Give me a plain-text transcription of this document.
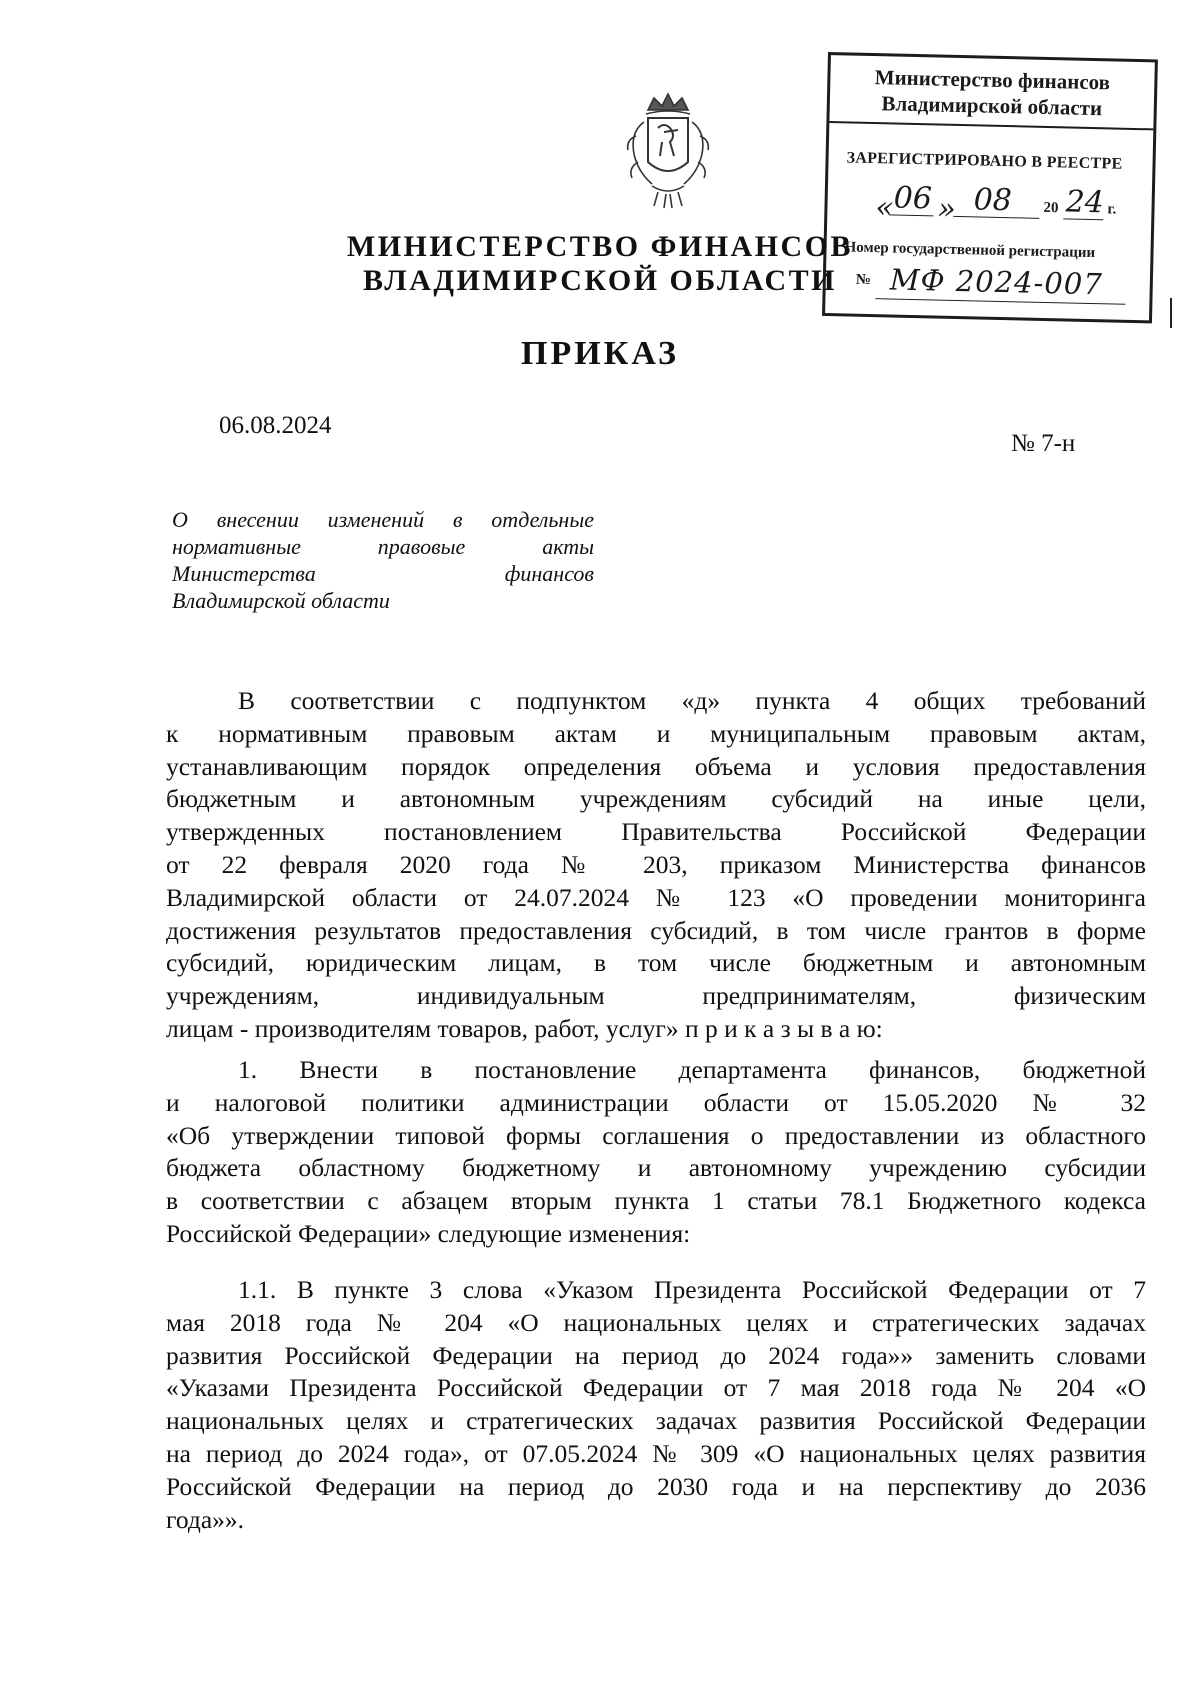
Министерство финансов
Владимирской области
ЗАРЕГИСТРИРОВАНО В РЕЕСТРЕ
« 06 » 08 20 24 г.
Номер государственной регистрации
№ МФ 2024-007
МИНИСТЕРСТВО ФИНАНСОВ
ВЛАДИМИРСКОЙ ОБЛАСТИ
ПРИКАЗ
06.08.2024
№ 7-н
О внесении изменений в отдельные
нормативные правовые акты
Министерства финансов
Владимирской области
В соответствии с подпунктом «д» пункта 4 общих требований
к нормативным правовым актам и муниципальным правовым актам,
устанавливающим порядок определения объема и условия предоставления
бюджетным и автономным учреждениям субсидий на иные цели,
утвержденных постановлением Правительства Российской Федерации
от 22 февраля 2020 года № 203, приказом Министерства финансов
Владимирской области от 24.07.2024 № 123 «О проведении мониторинга
достижения результатов предоставления субсидий, в том числе грантов в форме
субсидий, юридическим лицам, в том числе бюджетным и автономным
учреждениям, индивидуальным предпринимателям, физическим
лицам - производителям товаров, работ, услуг» п р и к а з ы в а ю:
1. Внести в постановление департамента финансов, бюджетной
и налоговой политики администрации области от 15.05.2020 № 32
«Об утверждении типовой формы соглашения о предоставлении из областного
бюджета областному бюджетному и автономному учреждению субсидии
в соответствии с абзацем вторым пункта 1 статьи 78.1 Бюджетного кодекса
Российской Федерации» следующие изменения:
1.1. В пункте 3 слова «Указом Президента Российской Федерации от 7
мая 2018 года № 204 «О национальных целях и стратегических задачах
развития Российской Федерации на период до 2024 года»» заменить словами
«Указами Президента Российской Федерации от 7 мая 2018 года № 204 «О
национальных целях и стратегических задачах развития Российской Федерации
на период до 2024 года», от 07.05.2024 № 309 «О национальных целях развития
Российской Федерации на период до 2030 года и на перспективу до 2036
года»».
